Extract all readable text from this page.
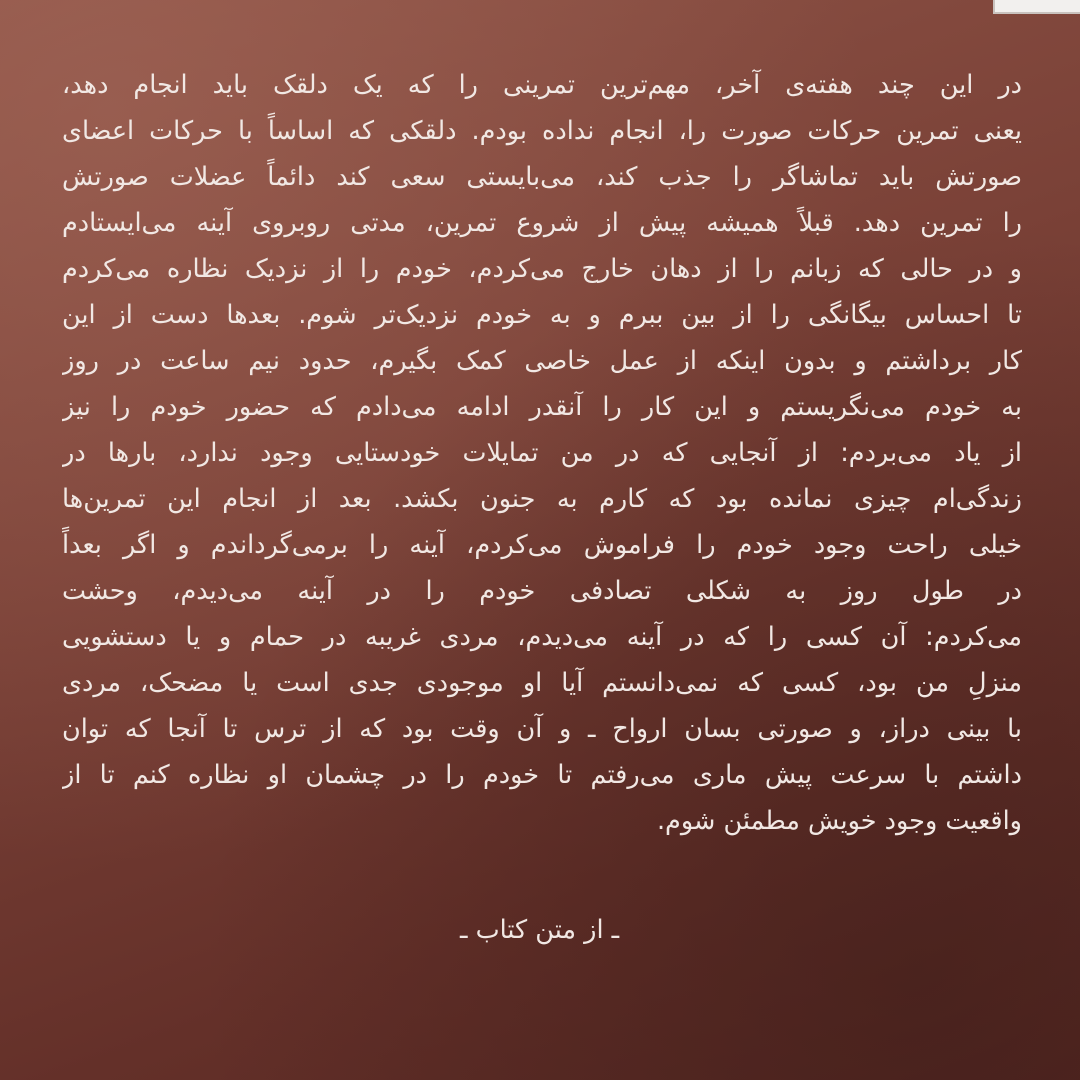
در این چند هفته‌ی آخر، مهم‌ترین تمرینی را که یک دلقک باید انجام دهد،
یعنی تمرین حرکات صورت را، انجام نداده بودم. دلقکی که اساساً با حرکات اعضای
صورتش باید تماشاگر را جذب کند، می‌بایستی سعی کند دائماً عضلات صورتش
را تمرین دهد. قبلاً همیشه پیش از شروع تمرین، مدتی روبروی آینه می‌ایستادم
و در حالی که زبانم را از دهان خارج می‌کردم، خودم را از نزدیک نظاره می‌کردم
تا احساس بیگانگی را از بین ببرم و به خودم نزدیک‌تر شوم. بعدها دست از این
کار برداشتم و بدون اینکه از عمل خاصی کمک بگیرم، حدود نیم ساعت در روز
به خودم می‌نگریستم و این کار را آنقدر ادامه می‌دادم که حضور خودم را نیز
از یاد می‌بردم: از آنجایی که در من تمایلات خودستایی وجود ندارد، بارها در
زندگی‌ام چیزی نمانده بود که کارم به جنون بکشد. بعد از انجام این تمرین‌ها
خیلی راحت وجود خودم را فراموش می‌کردم، آینه را برمی‌گرداندم و اگر بعداً
در طول روز به شکلی تصادفی خودم را در آینه می‌دیدم، وحشت
می‌کردم: آن کسی را که در آینه می‌دیدم، مردی غریبه در حمام و یا دستشویی
منزلِ من بود، کسی که نمی‌دانستم آیا او موجودی جدی است یا مضحک، مردی
با بینی دراز، و صورتی بسان ارواح ـ و آن وقت بود که از ترس تا آنجا که توان
داشتم با سرعت پیش ماری می‌رفتم تا خودم را در چشمان او نظاره کنم تا از
واقعیت وجود خویش مطمئن شوم.
ـ از متن کتاب ـ
